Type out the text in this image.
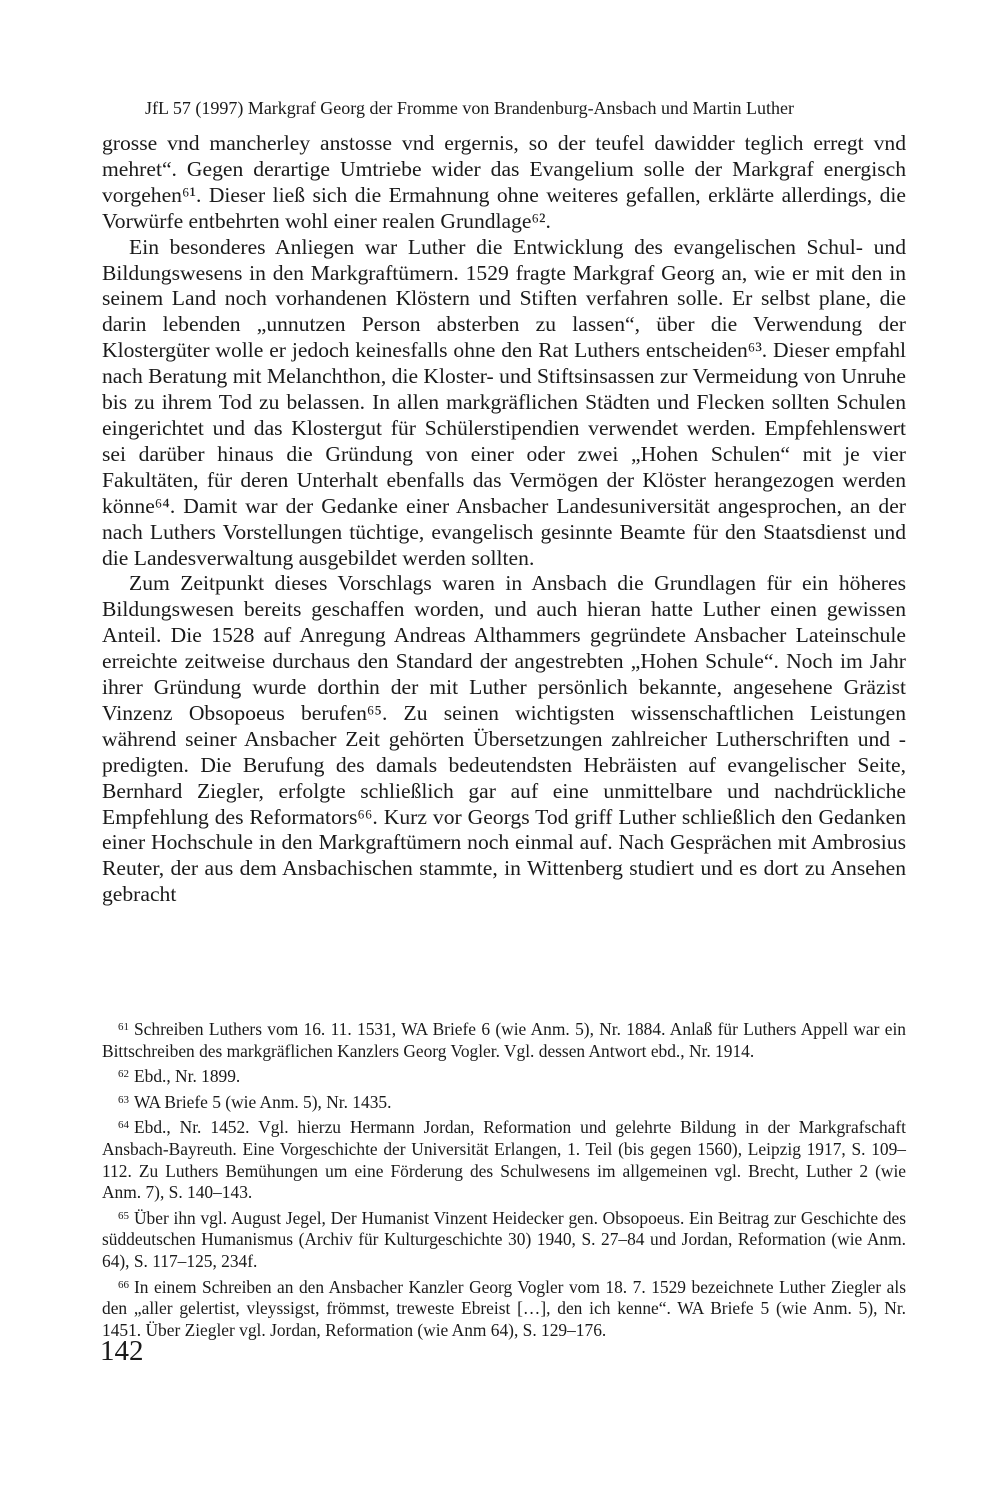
JfL 57 (1997) Markgraf Georg der Fromme von Brandenburg-Ansbach und Martin Luther

grosse vnd mancherley anstosse vnd ergernis, so der teufel dawidder teglich erregt vnd mehret“. Gegen derartige Umtriebe wider das Evangelium solle der Markgraf energisch vorgehen⁶¹. Dieser ließ sich die Ermahnung ohne weiteres gefallen, erklärte allerdings, die Vorwürfe entbehrten wohl einer realen Grundlage⁶².

Ein besonderes Anliegen war Luther die Entwicklung des evangelischen Schul- und Bildungswesens in den Markgraftümern. 1529 fragte Markgraf Georg an, wie er mit den in seinem Land noch vorhandenen Klöstern und Stiften verfahren solle. Er selbst plane, die darin lebenden „unnutzen Person absterben zu lassen“, über die Verwendung der Klostergüter wolle er jedoch keinesfalls ohne den Rat Luthers entscheiden⁶³. Dieser empfahl nach Beratung mit Melanchthon, die Kloster- und Stiftsinsassen zur Vermeidung von Unruhe bis zu ihrem Tod zu belassen. In allen markgräflichen Städten und Flecken sollten Schulen eingerichtet und das Klostergut für Schülerstipendien verwendet werden. Empfehlenswert sei darüber hinaus die Gründung von einer oder zwei „Hohen Schulen“ mit je vier Fakultäten, für deren Unterhalt ebenfalls das Vermögen der Klöster herangezogen werden könne⁶⁴. Damit war der Gedanke einer Ansbacher Landesuniversität angesprochen, an der nach Luthers Vorstellungen tüchtige, evangelisch gesinnte Beamte für den Staatsdienst und die Landesverwaltung ausgebildet werden sollten.

Zum Zeitpunkt dieses Vorschlags waren in Ansbach die Grundlagen für ein höheres Bildungswesen bereits geschaffen worden, und auch hieran hatte Luther einen gewissen Anteil. Die 1528 auf Anregung Andreas Althammers gegründete Ansbacher Lateinschule erreichte zeitweise durchaus den Standard der angestrebten „Hohen Schule“. Noch im Jahr ihrer Gründung wurde dorthin der mit Luther persönlich bekannte, angesehene Gräzist Vinzenz Obsopoeus berufen⁶⁵. Zu seinen wichtigsten wissenschaftlichen Leistungen während seiner Ansbacher Zeit gehörten Übersetzungen zahlreicher Lutherschriften und -predigten. Die Berufung des damals bedeutendsten Hebräisten auf evangelischer Seite, Bernhard Ziegler, erfolgte schließlich gar auf eine unmittelbare und nachdrückliche Empfehlung des Reformators⁶⁶. Kurz vor Georgs Tod griff Luther schließlich den Gedanken einer Hochschule in den Markgraftümern noch einmal auf. Nach Gesprächen mit Ambrosius Reuter, der aus dem Ansbachischen stammte, in Wittenberg studiert und es dort zu Ansehen gebracht

$^{61}$ Schreiben Luthers vom 16. 11. 1531, WA Briefe 6 (wie Anm. 5), Nr. 1884. Anlaß für Luthers Appell war ein Bittschreiben des markgräflichen Kanzlers Georg Vogler. Vgl. dessen Antwort ebd., Nr. 1914.

$^{62}$ Ebd., Nr. 1899.

$^{63}$ WA Briefe 5 (wie Anm. 5), Nr. 1435.

$^{64}$ Ebd., Nr. 1452. Vgl. hierzu Hermann Jordan, Reformation und gelehrte Bildung in der Markgrafschaft Ansbach-Bayreuth. Eine Vorgeschichte der Universität Erlangen, 1. Teil (bis gegen 1560), Leipzig 1917, S. 109–112. Zu Luthers Bemühungen um eine Förderung des Schulwesens im allgemeinen vgl. Brecht, Luther 2 (wie Anm. 7), S. 140–143.

$^{65}$ Über ihn vgl. August Jegel, Der Humanist Vinzent Heidecker gen. Obsopoeus. Ein Beitrag zur Geschichte des süddeutschen Humanismus (Archiv für Kulturgeschichte 30) 1940, S. 27–84 und Jordan, Reformation (wie Anm. 64), S. 117–125, 234f.

$^{66}$ In einem Schreiben an den Ansbacher Kanzler Georg Vogler vom 18. 7. 1529 bezeichnete Luther Ziegler als den „aller gelertist, vleyssigst, frömmst, treweste Ebreist […], den ich kenne“. WA Briefe 5 (wie Anm. 5), Nr. 1451. Über Ziegler vgl. Jordan, Reformation (wie Anm 64), S. 129–176.

142
